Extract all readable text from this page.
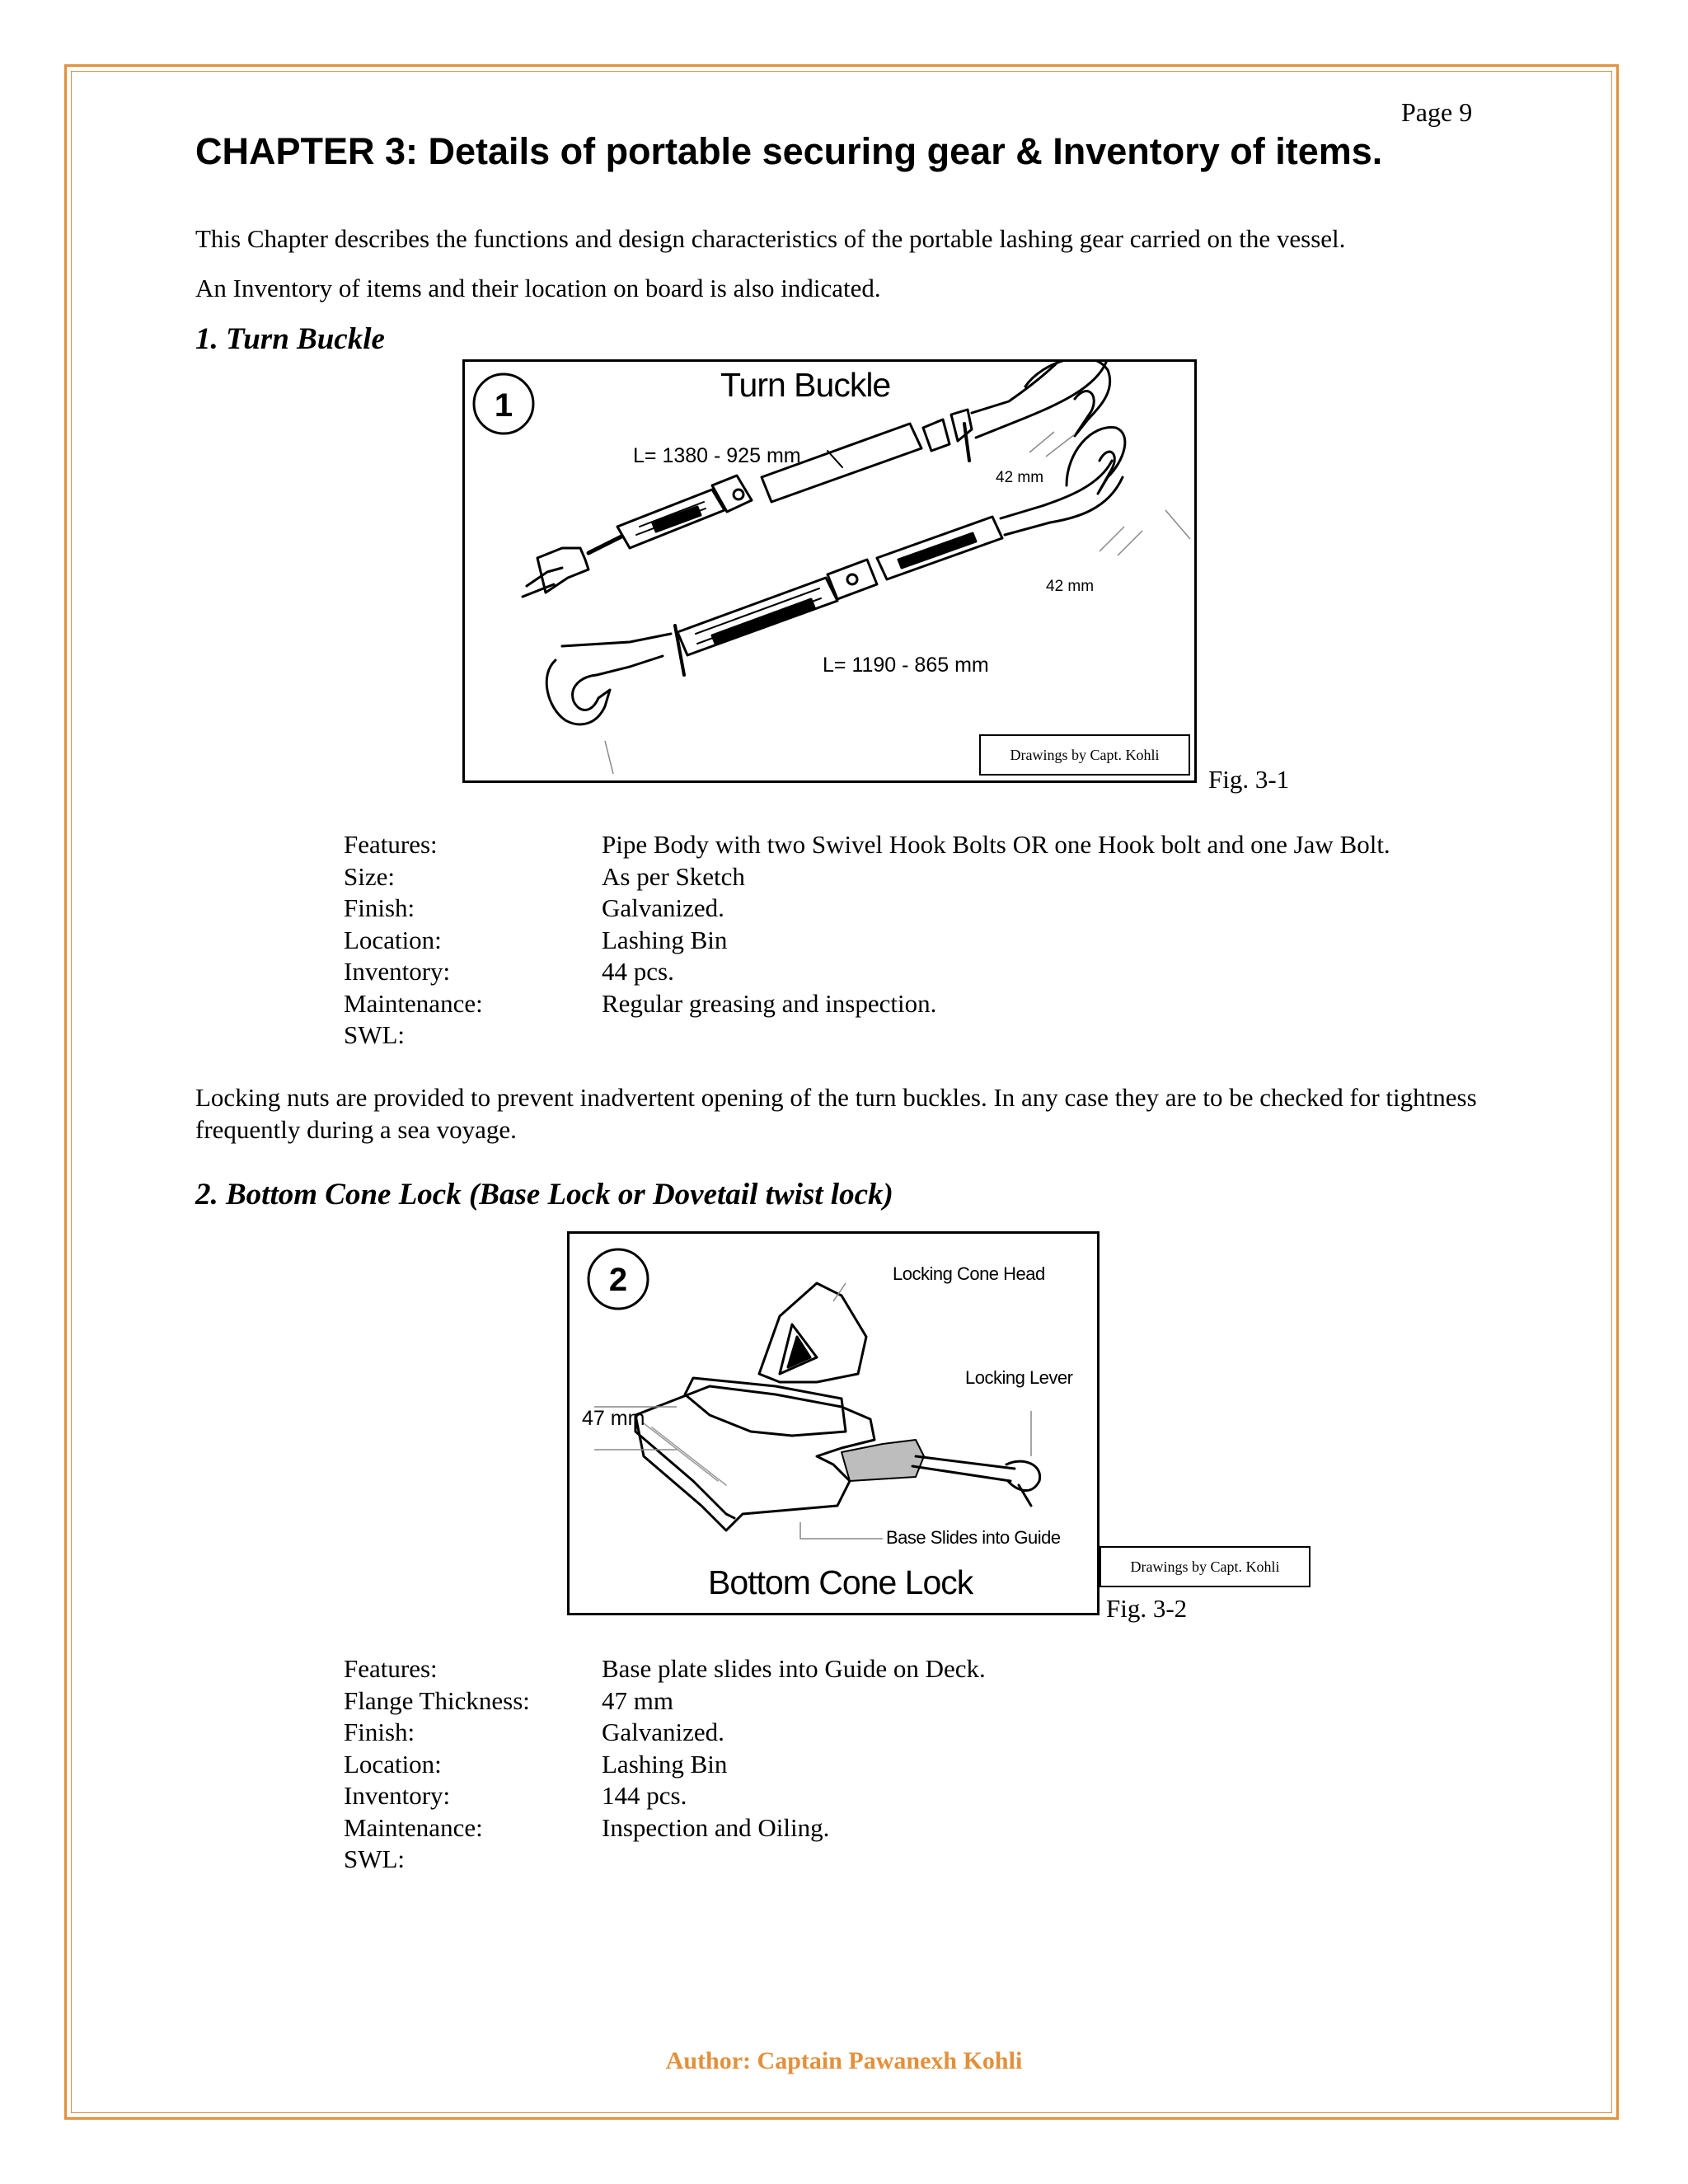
Page 9
CHAPTER 3: Details of portable securing gear & Inventory of items.
This Chapter describes the functions and design characteristics of the portable lashing gear carried on the vessel.
An Inventory of items and their location on board is also indicated.
1. Turn Buckle
1
Turn Buckle
L= 1380 - 925 mm
42 mm
42 mm
L= 1190 - 865 mm
Drawings by Capt. Kohli
Fig. 3-1
Features:	Pipe Body with two Swivel Hook Bolts OR one Hook bolt and one Jaw Bolt.
Size:	As per Sketch
Finish:	Galvanized.
Location:	Lashing Bin
Inventory:	44 pcs.
Maintenance:	Regular greasing and inspection.
SWL:
Locking nuts are provided to prevent inadvertent opening of the turn buckles. In any case they are to be checked for tightness frequently during a sea voyage.
2. Bottom Cone Lock (Base Lock or Dovetail twist lock)
2	Locking Cone Head
Locking Lever
47 mm
Base Slides into Guide
Bottom Cone Lock	Drawings by Capt. Kohli
Fig. 3-2
Features:	Base plate slides into Guide on Deck.
Flange Thickness:	47 mm
Finish:	Galvanized.
Location:	Lashing Bin
Inventory:	144 pcs.
Maintenance:	Inspection and Oiling.
SWL:
Author: Captain Pawanexh Kohli
